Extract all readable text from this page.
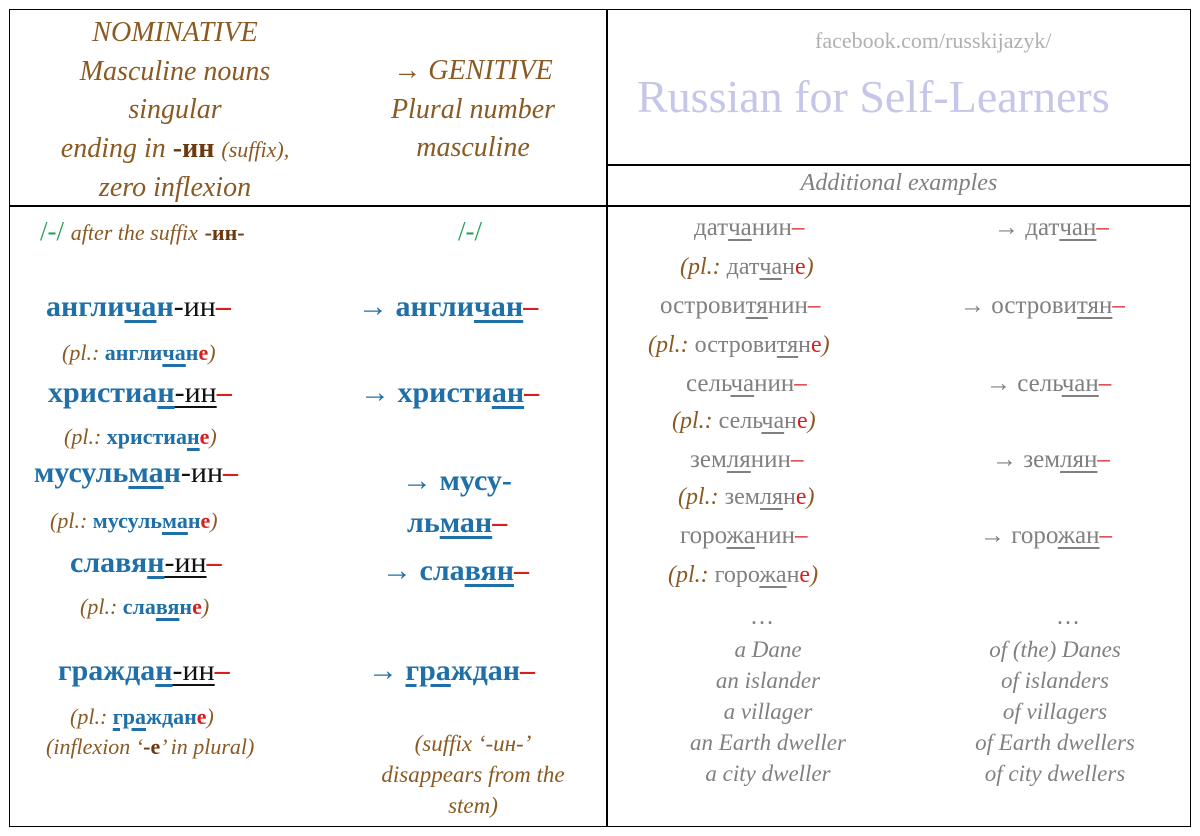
NOMINATIVE
Masculine nouns
singular
ending in -ин (suffix),
zero inflexion
→ GENITIVE
Plural number
masculine
facebook.com/russkijazyk/
Russian for Self-Learners
Additional examples
/-/ after the suffix -ин-	/-/
англичан-ин–
(pl.: англичане)
→ англичан–
христиан-ин–
(pl.: христиане)
→ христиан–
мусульман-ин–
(pl.: мусульмане)
→ мусу-
льман–
славян-ин–
(pl.: славяне)
→ славян–
граждан-ин–
(pl.: граждане)
(inflexion ‘-е’ in plural)
→ граждан–
(suffix ‘-ин-’
disappears from the
stem)
датчанин–
(pl.: датчане)
→ датчан–
островитянин–
(pl.: островитяне)
→ островитян–
сельчанин–
(pl.: сельчане)
→ сельчан–
землянин–
(pl.: земляне)
→ землян–
горожанин–
(pl.: горожане)
→ горожан–
…	…
a Dane
an islander
a villager
an Earth dweller
a city dweller
of (the) Danes
of islanders
of villagers
of Earth dwellers
of city dwellers
